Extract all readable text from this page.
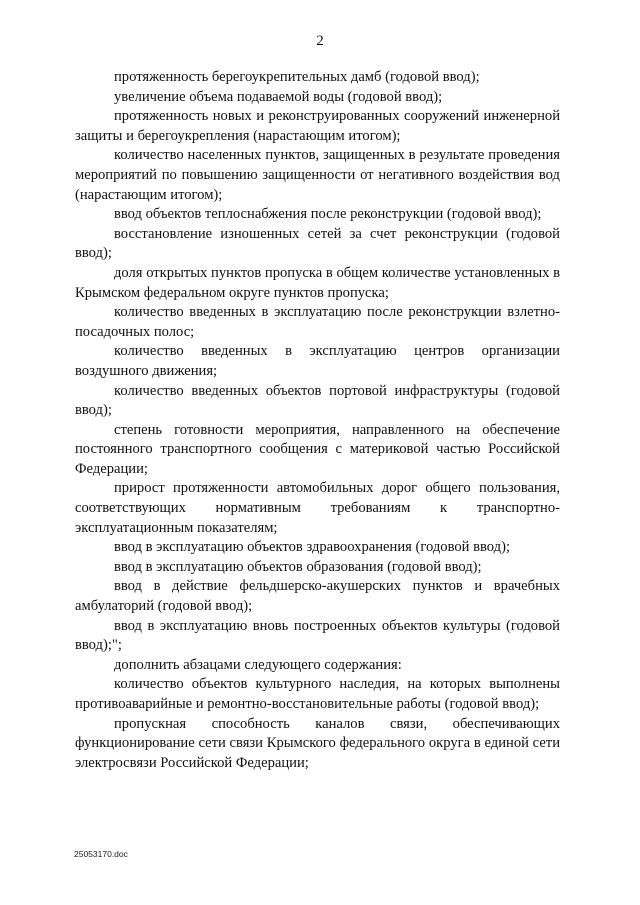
2

протяженность берегоукрепительных дамб (годовой ввод);

увеличение объема подаваемой воды (годовой ввод);

протяженность новых и реконструированных сооружений инженерной защиты и берегоукрепления (нарастающим итогом);

количество населенных пунктов, защищенных в результате проведения мероприятий по повышению защищенности от негативного воздействия вод (нарастающим итогом);

ввод объектов теплоснабжения после реконструкции (годовой ввод);

восстановление изношенных сетей за счет реконструкции (годовой ввод);

доля открытых пунктов пропуска в общем количестве установленных в Крымском федеральном округе пунктов пропуска;

количество введенных в эксплуатацию после реконструкции взлетно-посадочных полос;

количество введенных в эксплуатацию центров организации воздушного движения;

количество введенных объектов портовой инфраструктуры (годовой ввод);

степень готовности мероприятия, направленного на обеспечение постоянного транспортного сообщения с материковой частью Российской Федерации;

прирост протяженности автомобильных дорог общего пользования, соответствующих нормативным требованиям к транспортно-эксплуатационным показателям;

ввод в эксплуатацию объектов здравоохранения (годовой ввод);

ввод в эксплуатацию объектов образования (годовой ввод);

ввод в действие фельдшерско-акушерских пунктов и врачебных амбулаторий (годовой ввод);

ввод в эксплуатацию вновь построенных объектов культуры (годовой ввод);";

дополнить абзацами следующего содержания:

количество объектов культурного наследия, на которых выполнены противоаварийные и ремонтно-восстановительные работы (годовой ввод);

пропускная способность каналов связи, обеспечивающих функционирование сети связи Крымского федерального округа в единой сети электросвязи Российской Федерации;

25053170.doc
